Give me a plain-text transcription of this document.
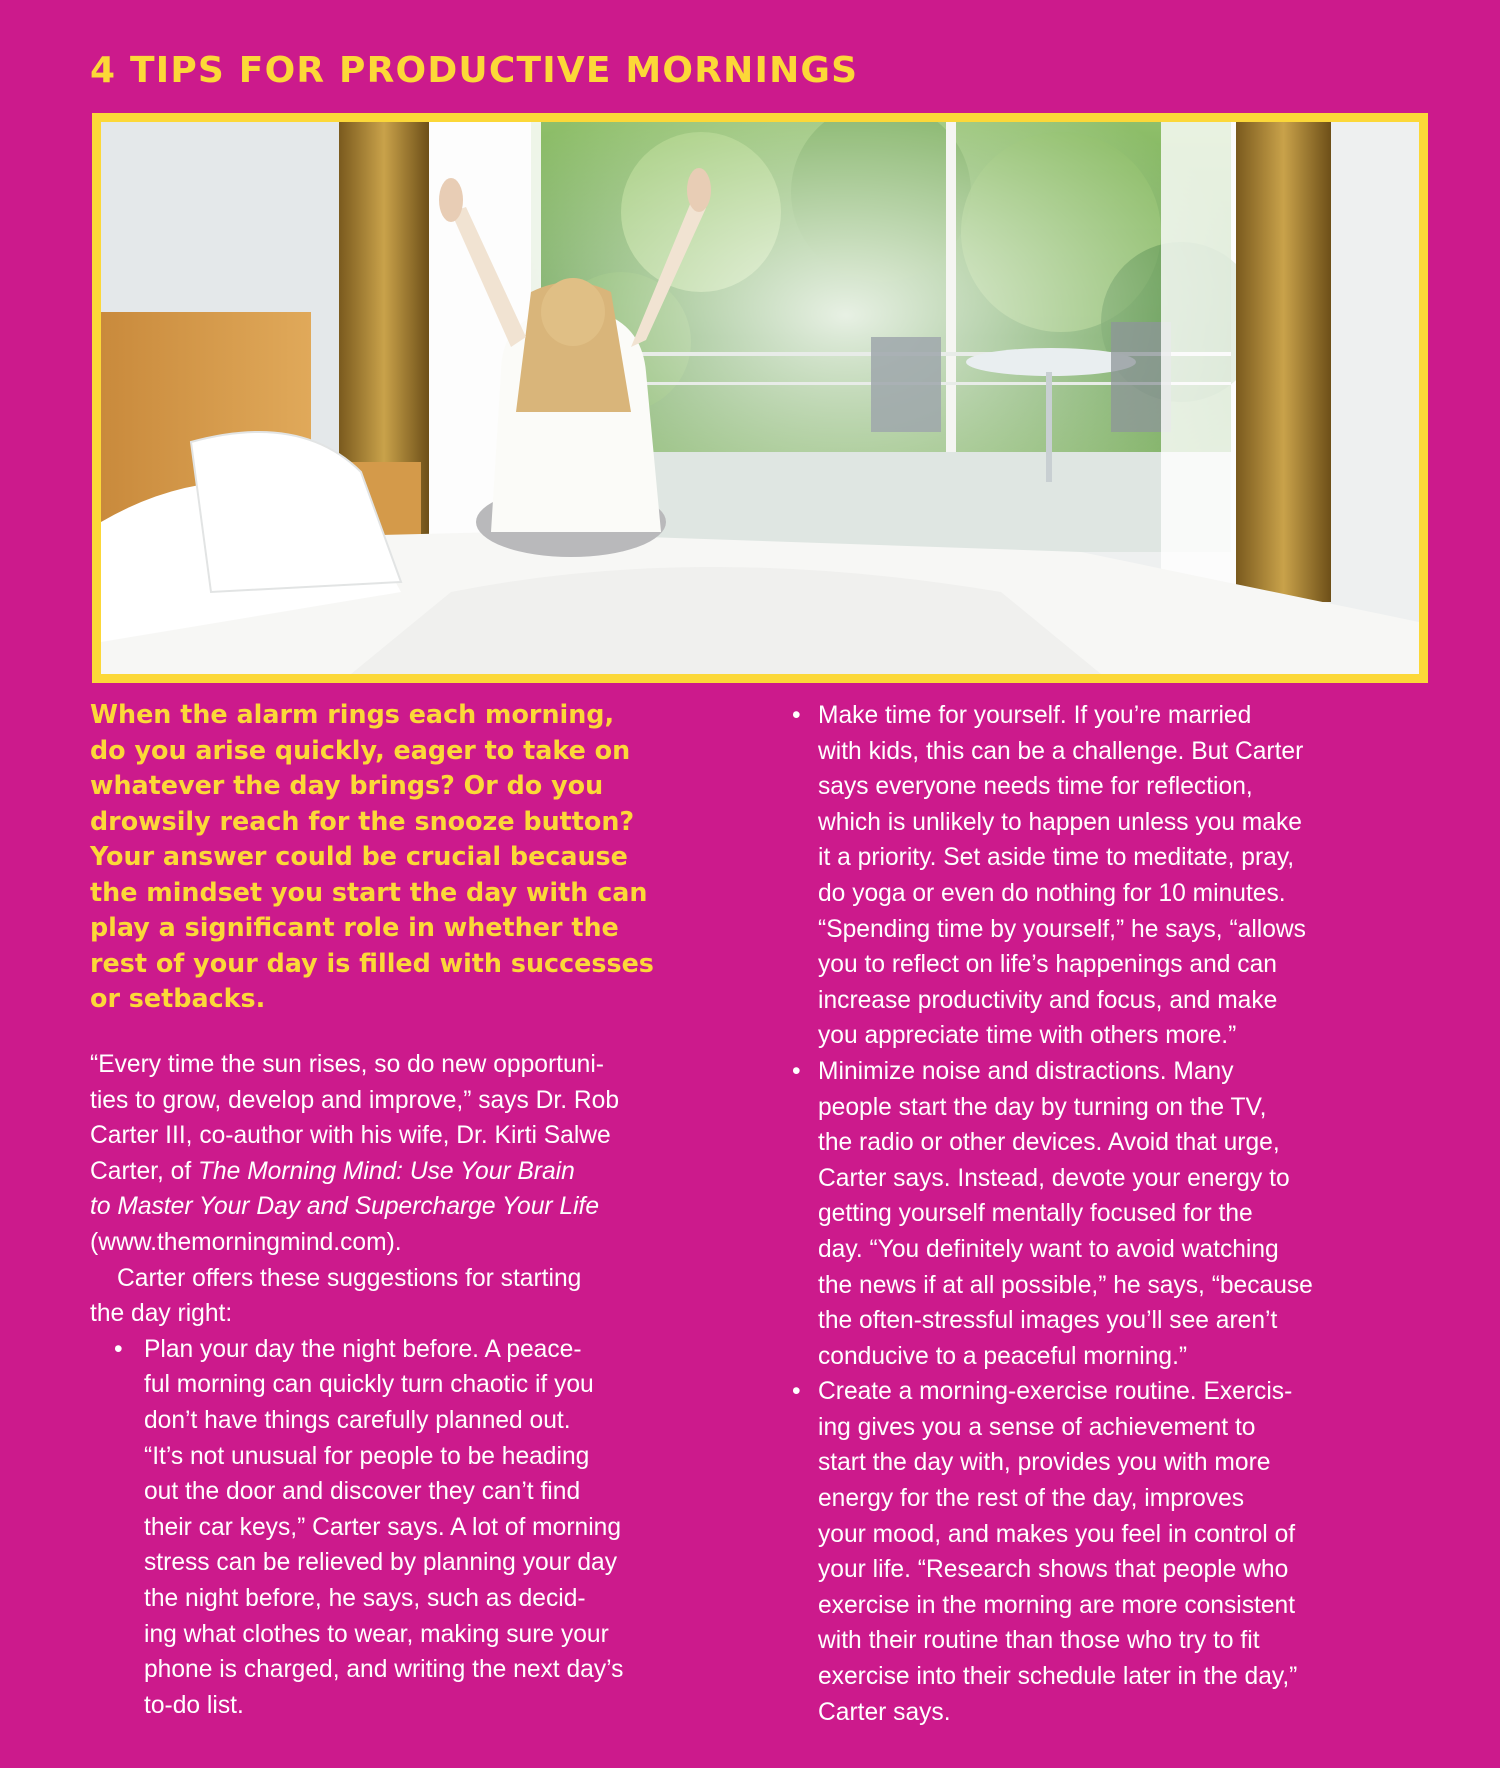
4 TIPS FOR PRODUCTIVE MORNINGS
When the alarm rings each morning,
do you arise quickly, eager to take on
whatever the day brings? Or do you
drowsily reach for the snooze button?
Your answer could be crucial because
the mindset you start the day with can
play a significant role in whether the
rest of your day is filled with successes
or setbacks.

“Every time the sun rises, so do new opportuni-
ties to grow, develop and improve,” says Dr. Rob
Carter III, co-author with his wife, Dr. Kirti Salwe
Carter, of The Morning Mind: Use Your Brain
to Master Your Day and Supercharge Your Life
(www.themorningmind.com).

Carter offers these suggestions for starting
the day right:

• Plan your day the night before. A peace-
ful morning can quickly turn chaotic if you
don’t have things carefully planned out.
“It’s not unusual for people to be heading
out the door and discover they can’t find
their car keys,” Carter says. A lot of morning
stress can be relieved by planning your day
the night before, he says, such as decid-
ing what clothes to wear, making sure your
phone is charged, and writing the next day’s
to-do list.
• Make time for yourself. If you’re married
with kids, this can be a challenge. But Carter
says everyone needs time for reflection,
which is unlikely to happen unless you make
it a priority. Set aside time to meditate, pray,
do yoga or even do nothing for 10 minutes.
“Spending time by yourself,” he says, “allows
you to reflect on life’s happenings and can
increase productivity and focus, and make
you appreciate time with others more.”
• Minimize noise and distractions. Many
people start the day by turning on the TV,
the radio or other devices. Avoid that urge,
Carter says. Instead, devote your energy to
getting yourself mentally focused for the
day. “You definitely want to avoid watching
the news if at all possible,” he says, “because
the often-stressful images you’ll see aren’t
conducive to a peaceful morning.”
• Create a morning-exercise routine. Exercis-
ing gives you a sense of achievement to
start the day with, provides you with more
energy for the rest of the day, improves
your mood, and makes you feel in control of
your life. “Research shows that people who
exercise in the morning are more consistent
with their routine than those who try to fit
exercise into their schedule later in the day,”
Carter says.
